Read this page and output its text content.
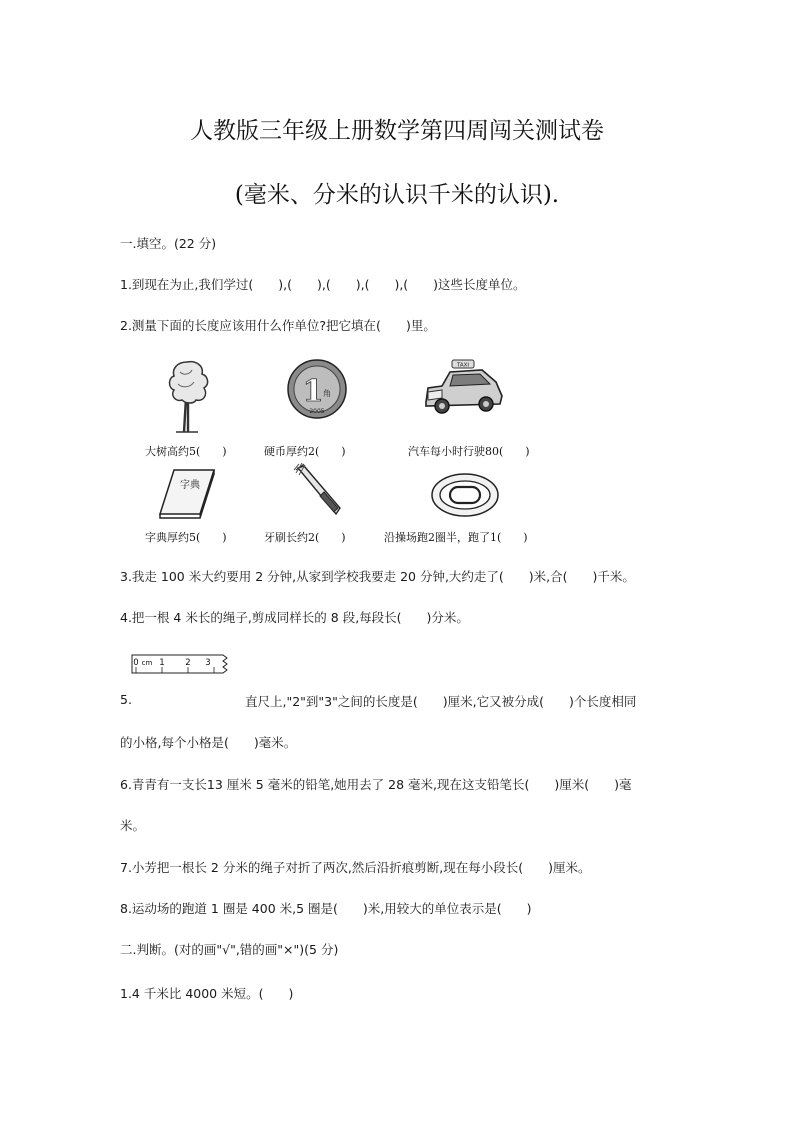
人教版三年级上册数学第四周闯关测试卷
(毫米、分米的认识千米的认识).
一.填空。(22 分)
1.到现在为止,我们学过(　　),(　　),(　　),(　　),(　　)这些长度单位。
2.测量下面的长度应该用什么作单位?把它填在(　　)里。
1 角
2005
TAXI
大树高约5(　　)	硬币厚约2(　　)	汽车每小时行驶80(　　)
字典
字典厚约5(　　)	牙刷长约2(　　)	沿操场跑2圈半，跑了1(　　)
3.我走 100 米大约要用 2 分钟,从家到学校我要走 20 分钟,大约走了(　　)米,合(　　)千米。
4.把一根 4 米长的绳子,剪成同样长的 8 段,每段长(　　)分米。
0 cm 1 2 3
5.	直尺上,"2"到"3"之间的长度是(　　)厘米,它又被分成(　　)个长度相同
的小格,每个小格是(　　)毫米。
6.青青有一支长13 厘米 5 毫米的铅笔,她用去了 28 毫米,现在这支铅笔长(　　)厘米(　　)毫
米。
7.小芳把一根长 2 分米的绳子对折了两次,然后沿折痕剪断,现在每小段长(　　)厘米。
8.运动场的跑道 1 圈是 400 米,5 圈是(　　)米,用较大的单位表示是(　　)
二.判断。(对的画"√",错的画"×")(5 分)
1.4 千米比 4000 米短。(　　)
